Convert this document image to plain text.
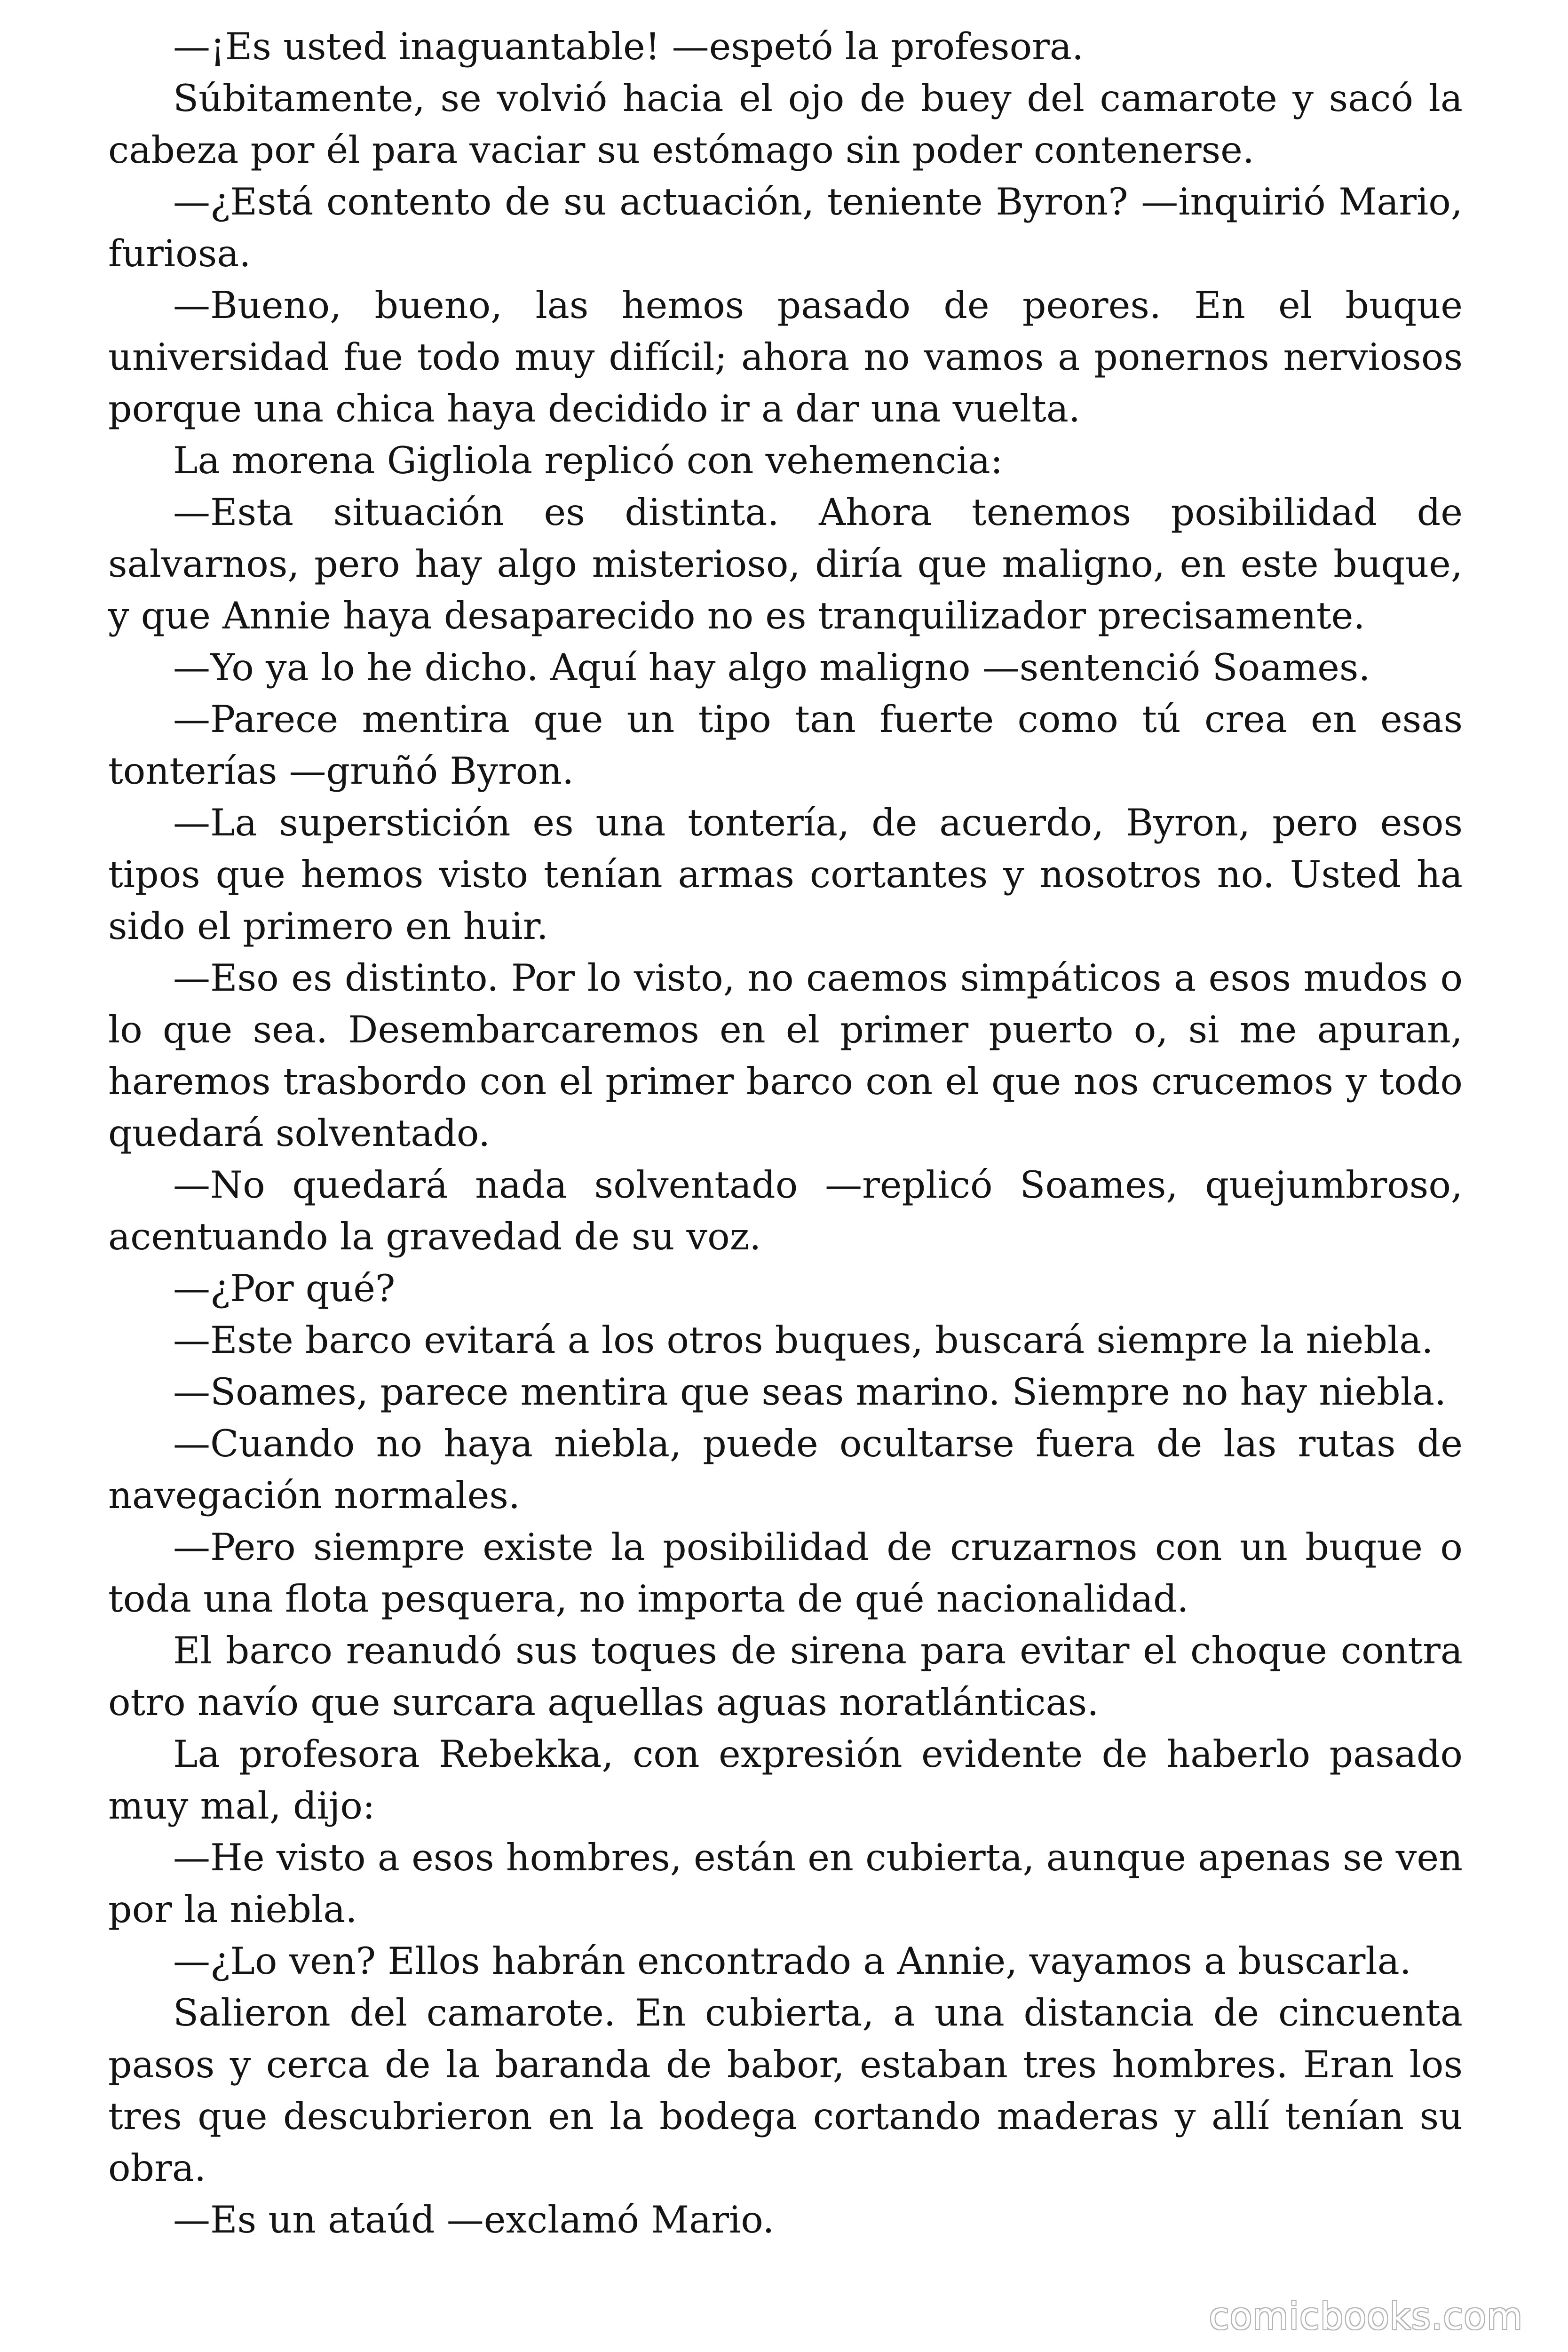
—¡Es usted inaguantable! —espetó la profesora.

Súbitamente, se volvió hacia el ojo de buey del camarote y sacó la cabeza por él para vaciar su estómago sin poder contenerse.

—¿Está contento de su actuación, teniente Byron? —inquirió Mario, furiosa.

—Bueno, bueno, las hemos pasado de peores. En el buque universidad fue todo muy difícil; ahora no vamos a ponernos nerviosos porque una chica haya decidido ir a dar una vuelta.

La morena Gigliola replicó con vehemencia:

—Esta situación es distinta. Ahora tenemos posibilidad de salvarnos, pero hay algo misterioso, diría que maligno, en este buque, y que Annie haya desaparecido no es tranquilizador precisamente.

—Yo ya lo he dicho. Aquí hay algo maligno —sentenció Soames.

—Parece mentira que un tipo tan fuerte como tú crea en esas tonterías —gruñó Byron.

—La superstición es una tontería, de acuerdo, Byron, pero esos tipos que hemos visto tenían armas cortantes y nosotros no. Usted ha sido el primero en huir.

—Eso es distinto. Por lo visto, no caemos simpáticos a esos mudos o lo que sea. Desembarcaremos en el primer puerto o, si me apuran, haremos trasbordo con el primer barco con el que nos crucemos y todo quedará solventado.

—No quedará nada solventado —replicó Soames, quejumbroso, acentuando la gravedad de su voz.

—¿Por qué?

—Este barco evitará a los otros buques, buscará siempre la niebla.

—Soames, parece mentira que seas marino. Siempre no hay niebla.

—Cuando no haya niebla, puede ocultarse fuera de las rutas de navegación normales.

—Pero siempre existe la posibilidad de cruzarnos con un buque o toda una flota pesquera, no importa de qué nacionalidad.

El barco reanudó sus toques de sirena para evitar el choque contra otro navío que surcara aquellas aguas noratlánticas.

La profesora Rebekka, con expresión evidente de haberlo pasado muy mal, dijo:

—He visto a esos hombres, están en cubierta, aunque apenas se ven por la niebla.

—¿Lo ven? Ellos habrán encontrado a Annie, vayamos a buscarla.

Salieron del camarote. En cubierta, a una distancia de cincuenta pasos y cerca de la baranda de babor, estaban tres hombres. Eran los tres que descubrieron en la bodega cortando maderas y allí tenían su obra.

—Es un ataúd —exclamó Mario.

comicbooks.com
